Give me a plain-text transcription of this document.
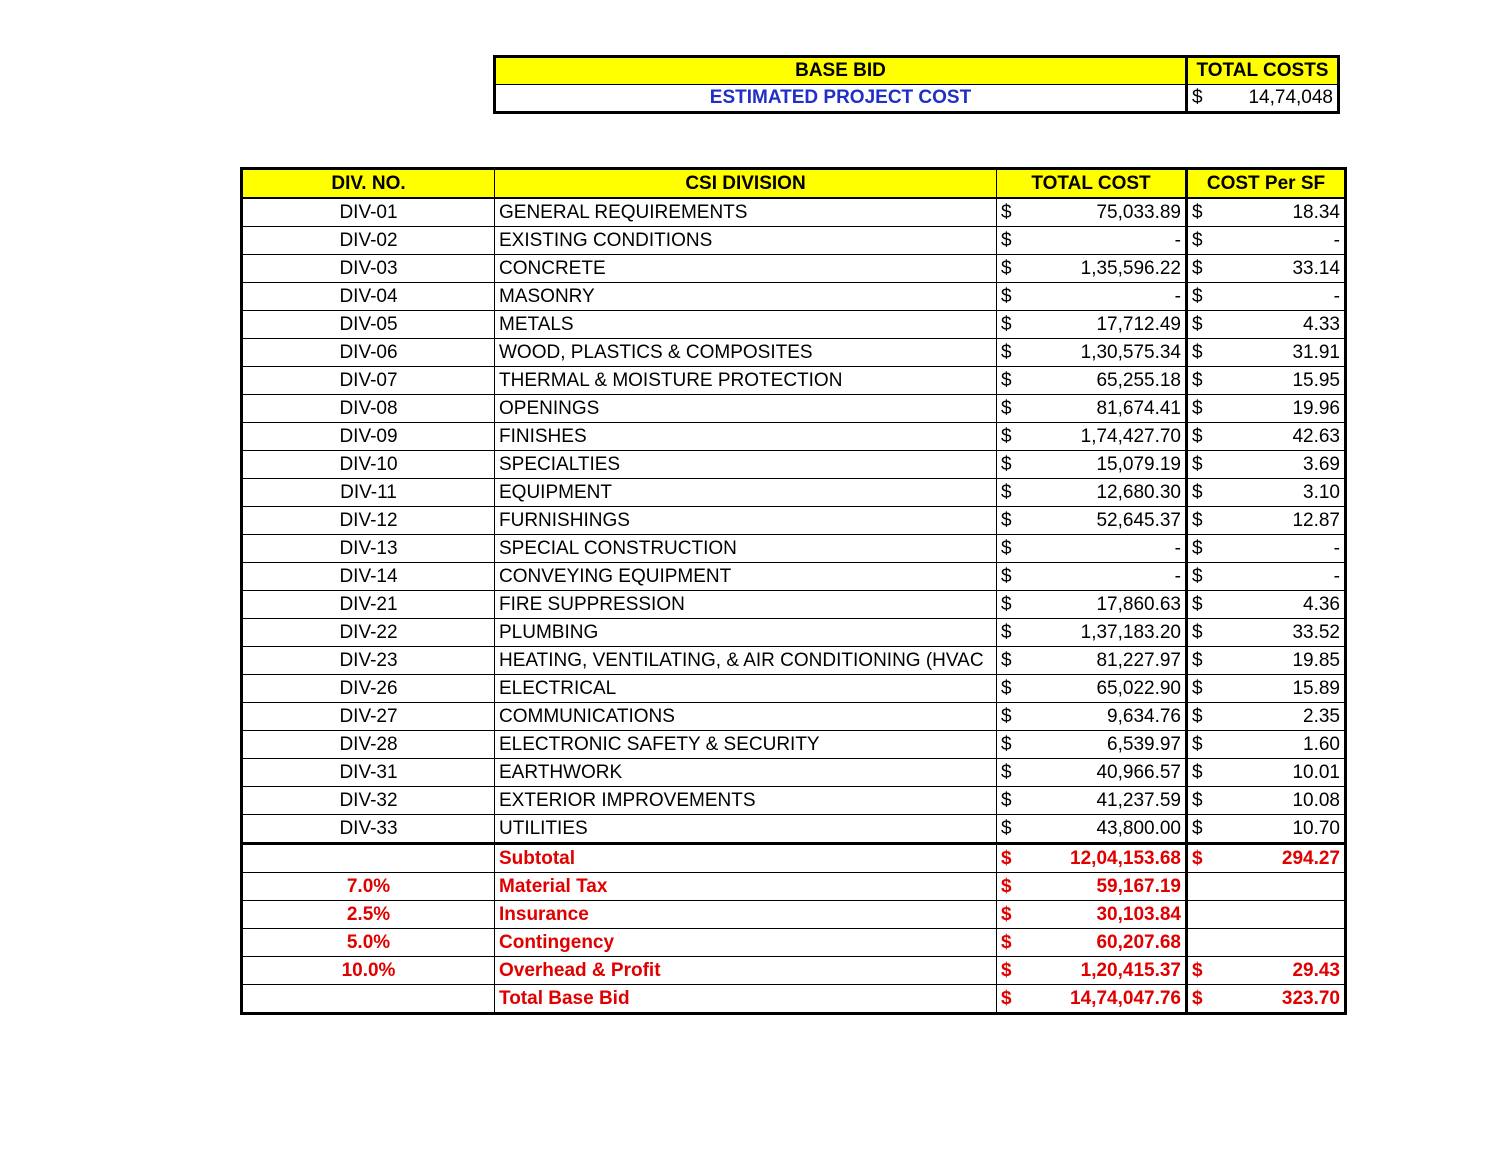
BASE BID	TOTAL COSTS
ESTIMATED PROJECT COST	$ 14,74,048
DIV. NO.	CSI DIVISION	TOTAL COST	COST Per SF
DIV-01	GENERAL REQUIREMENTS	$ 75,033.89	$ 18.34

DIV-02	EXISTING CONDITIONS	$ -	$ -

DIV-03	CONCRETE	$ 1,35,596.22	$ 33.14

DIV-04	MASONRY	$ -	$ -

DIV-05	METALS	$ 17,712.49	$ 4.33

DIV-06	WOOD, PLASTICS & COMPOSITES	$ 1,30,575.34	$ 31.91

DIV-07	THERMAL & MOISTURE PROTECTION	$ 65,255.18	$ 15.95

DIV-08	OPENINGS	$ 81,674.41	$ 19.96

DIV-09	FINISHES	$ 1,74,427.70	$ 42.63

DIV-10	SPECIALTIES	$ 15,079.19	$ 3.69

DIV-11	EQUIPMENT	$ 12,680.30	$ 3.10

DIV-12	FURNISHINGS	$ 52,645.37	$ 12.87

DIV-13	SPECIAL CONSTRUCTION	$ -	$ -

DIV-14	CONVEYING EQUIPMENT	$ -	$ -

DIV-21	FIRE SUPPRESSION	$ 17,860.63	$ 4.36

DIV-22	PLUMBING	$ 1,37,183.20	$ 33.52

DIV-23	HEATING, VENTILATING, & AIR CONDITIONING (HVAC	$ 81,227.97	$ 19.85

DIV-26	ELECTRICAL	$ 65,022.90	$ 15.89

DIV-27	COMMUNICATIONS	$ 9,634.76	$ 2.35

DIV-28	ELECTRONIC SAFETY & SECURITY	$ 6,539.97	$ 1.60

DIV-31	EARTHWORK	$ 40,966.57	$ 10.01

DIV-32	EXTERIOR IMPROVEMENTS	$ 41,237.59	$ 10.08

DIV-33	UTILITIES	$ 43,800.00	$ 10.70

	Subtotal	$ 12,04,153.68	$ 294.27

7.0%	Material Tax	$ 59,167.19	

2.5%	Insurance	$ 30,103.84	

5.0%	Contingency	$ 60,207.68	

10.0%	Overhead & Profit	$ 1,20,415.37	$ 29.43

	Total Base Bid	$ 14,74,047.76	$ 323.70
